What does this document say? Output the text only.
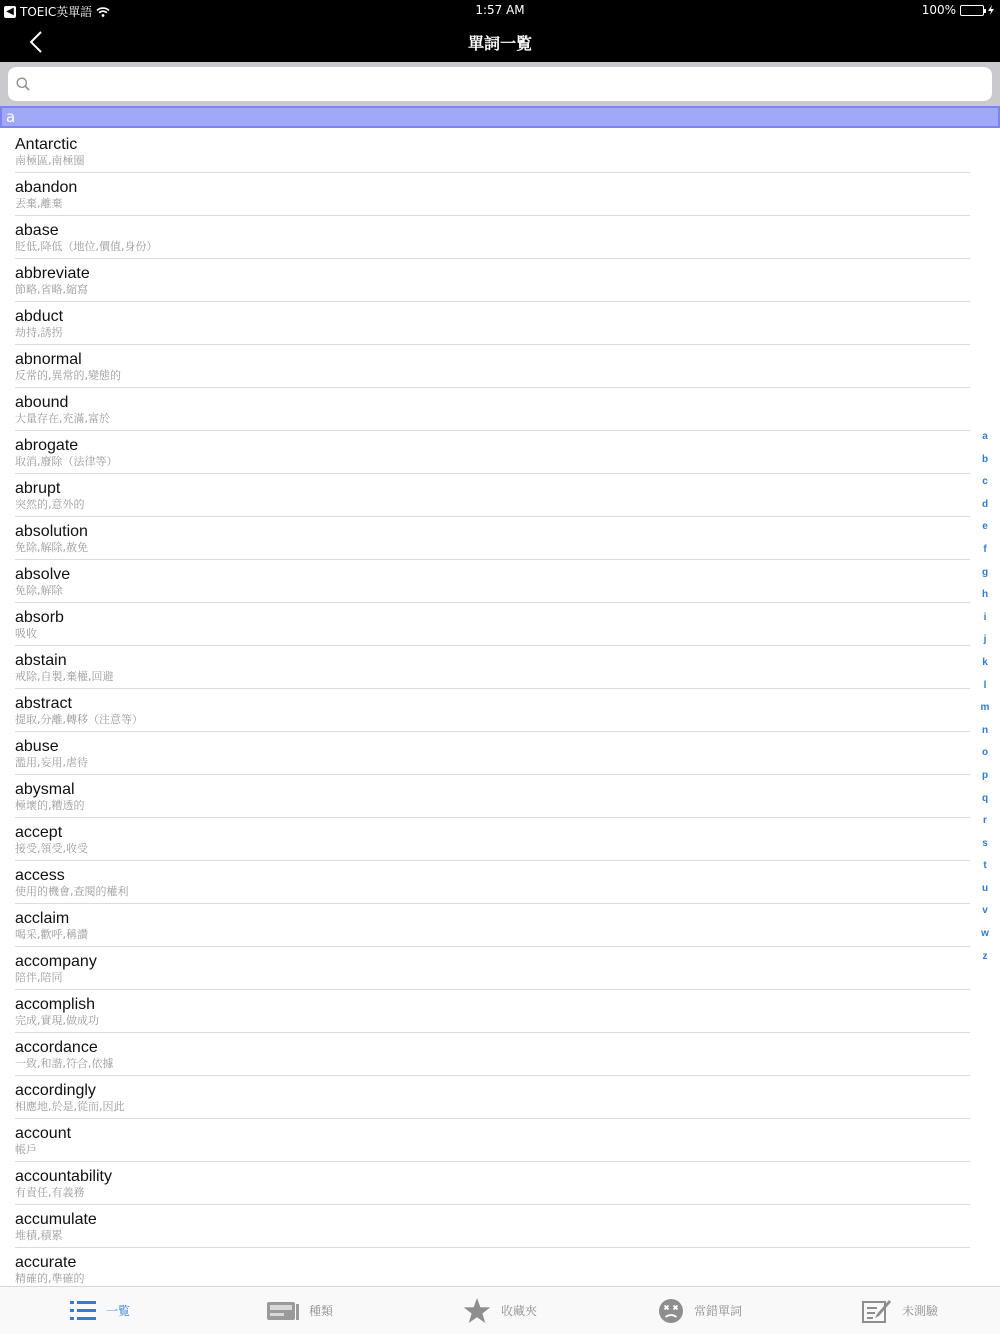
◀ TOEIC英單語	1:57 AM	100%
單詞一覧
a
Antarctic
南極區,南極圈
abandon
丟棄,離棄
abase
貶低,降低（地位,價值,身份）
abbreviate
節略,省略,縮寫
abduct
劫持,誘拐
abnormal
反常的,異常的,變態的
abound
大量存在,充滿,富於
abrogate
取消,廢除（法律等）
abrupt
突然的,意外的
absolution
免除,解除,赦免
absolve
免除,解除
absorb
吸收
abstain
戒除,自製,棄權,回避
abstract
提取,分離,轉移（注意等）
abuse
濫用,妄用,虐待
abysmal
極壞的,糟透的
accept
接受,領受,收受
access
使用的機會,查閱的權利
acclaim
喝采,歡呼,稱讚
accompany
陪伴,陪同
accomplish
完成,實現,做成功
accordance
一致,和諧,符合,依據
accordingly
相應地,於是,從而,因此
account
帳戶
accountability
有責任,有義務
accumulate
堆積,積累
accurate
精確的,準確的
a
b
c
d
e
f
g
h
i
j
k
l
m
n
o
p
q
r
s
t
u
v
w
z
一覧	種類	收藏夾	常錯單詞	未測驗
